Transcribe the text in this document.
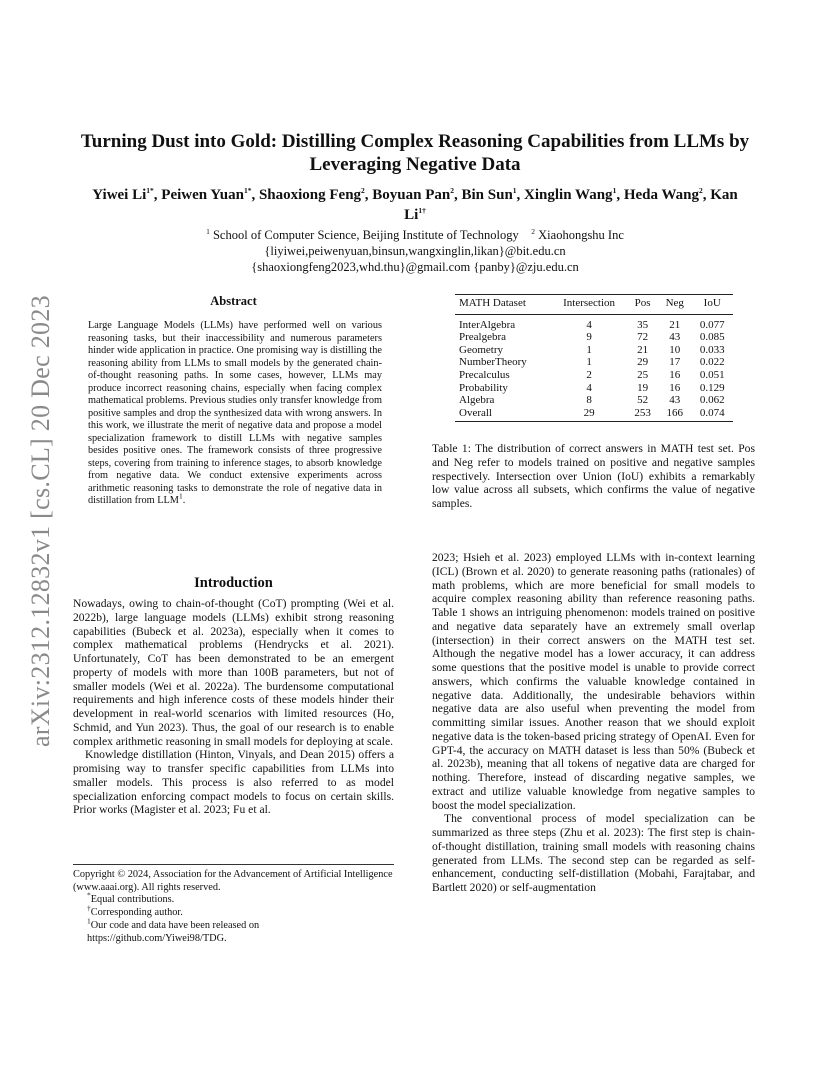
arXiv:2312.12832v1 [cs.CL] 20 Dec 2023
Turning Dust into Gold: Distilling Complex Reasoning Capabilities from LLMs by Leveraging Negative Data
Yiwei $Li^{1*}$, Peiwen Yuan$^{1*}$, Shaoxiong Feng$^2$, Boyuan Pan$^2$, Bin Sun$^1$, Xinglin Wang$^1$, Heda Wang$^2$, Kan $Li^{1\dagger}$
$^1$ School of Computer Science, Beijing Institute of Technology $^2$ Xiaohongshu Inc
{liyiwei,peiwenyuan,binsun,wangxinglin,likan}@bit.edu.cn
{shaoxiongfeng2023,whd.thu}@gmail.com {panby}@zju.edu.cn
Abstract
Large Language Models (LLMs) have performed well on various reasoning tasks, but their inaccessibility and numerous parameters hinder wide application in practice. One promising way is distilling the reasoning ability from LLMs to small models by the generated chain-of-thought reasoning paths. In some cases, however, LLMs may produce incorrect reasoning chains, especially when facing complex mathematical problems. Previous studies only transfer knowledge from positive samples and drop the synthesized data with wrong answers. In this work, we illustrate the merit of negative data and propose a model specialization framework to distill LLMs with negative samples besides positive ones. The framework consists of three progressive steps, covering from training to inference stages, to absorb knowledge from negative data. We conduct extensive experiments across arithmetic reasoning tasks to demonstrate the role of negative data in distillation from LLM$^1$.
Introduction

Nowadays, owing to chain-of-thought (CoT) prompting (Wei et al. 2022b), large language models (LLMs) exhibit strong reasoning capabilities (Bubeck et al. 2023a), especially when it comes to complex mathematical problems (Hendrycks et al. 2021). Unfortunately, CoT has been demonstrated to be an emergent property of models with more than 100B parameters, but not of smaller models (Wei et al. 2022a). The burdensome computational requirements and high inference costs of these models hinder their development in real-world scenarios with limited resources (Ho, Schmid, and Yun 2023). Thus, the goal of our research is to enable complex arithmetic reasoning in small models for deploying at scale.

Knowledge distillation (Hinton, Vinyals, and Dean 2015) offers a promising way to transfer specific capabilities from LLMs into smaller models. This process is also referred to as model specialization enforcing compact models to focus on certain skills. Prior works (Magister et al. 2023; Fu et al.

Copyright © 2024, Association for the Advancement of Artificial Intelligence (www.aaai.org). All rights reserved.

*Equal contributions.

†Corresponding author.

$^1$Our code and data have been released on https://github.com/Yiwei98/TDG.

MATH Dataset	Intersection	Pos	Neg	IoU
InterAlgebra	4	35	21	0.077
Prealgebra	9	72	43	0.085
Geometry	1	21	10	0.033
NumberTheory	1	29	17	0.022
Precalculus	2	25	16	0.051
Probability	4	19	16	0.129
Algebra	8	52	43	0.062
Overall	29	253	166	0.074
Table 1: The distribution of correct answers in MATH test set. Pos and Neg refer to models trained on positive and negative samples respectively. Intersection over Union (IoU) exhibits a remarkably low value across all subsets, which confirms the value of negative samples.

2023; Hsieh et al. 2023) employed LLMs with in-context learning (ICL) (Brown et al. 2020) to generate reasoning paths (rationales) of math problems, which are more beneficial for small models to acquire complex reasoning ability than reference reasoning paths. Table 1 shows an intriguing phenomenon: models trained on positive and negative data separately have an extremely small overlap (intersection) in their correct answers on the MATH test set. Although the negative model has a lower accuracy, it can address some questions that the positive model is unable to provide correct answers, which confirms the valuable knowledge contained in negative data. Additionally, the undesirable behaviors within negative data are also useful when preventing the model from committing similar issues. Another reason that we should exploit negative data is the token-based pricing strategy of OpenAI. Even for GPT-4, the accuracy on MATH dataset is less than 50% (Bubeck et al. 2023b), meaning that all tokens of negative data are charged for nothing. Therefore, instead of discarding negative samples, we extract and utilize valuable knowledge from negative samples to boost the model specialization.

The conventional process of model specialization can be summarized as three steps (Zhu et al. 2023): The first step is chain-of-thought distillation, training small models with reasoning chains generated from LLMs. The second step can be regarded as self-enhancement, conducting self-distillation (Mobahi, Farajtabar, and Bartlett 2020) or self-augmentation
